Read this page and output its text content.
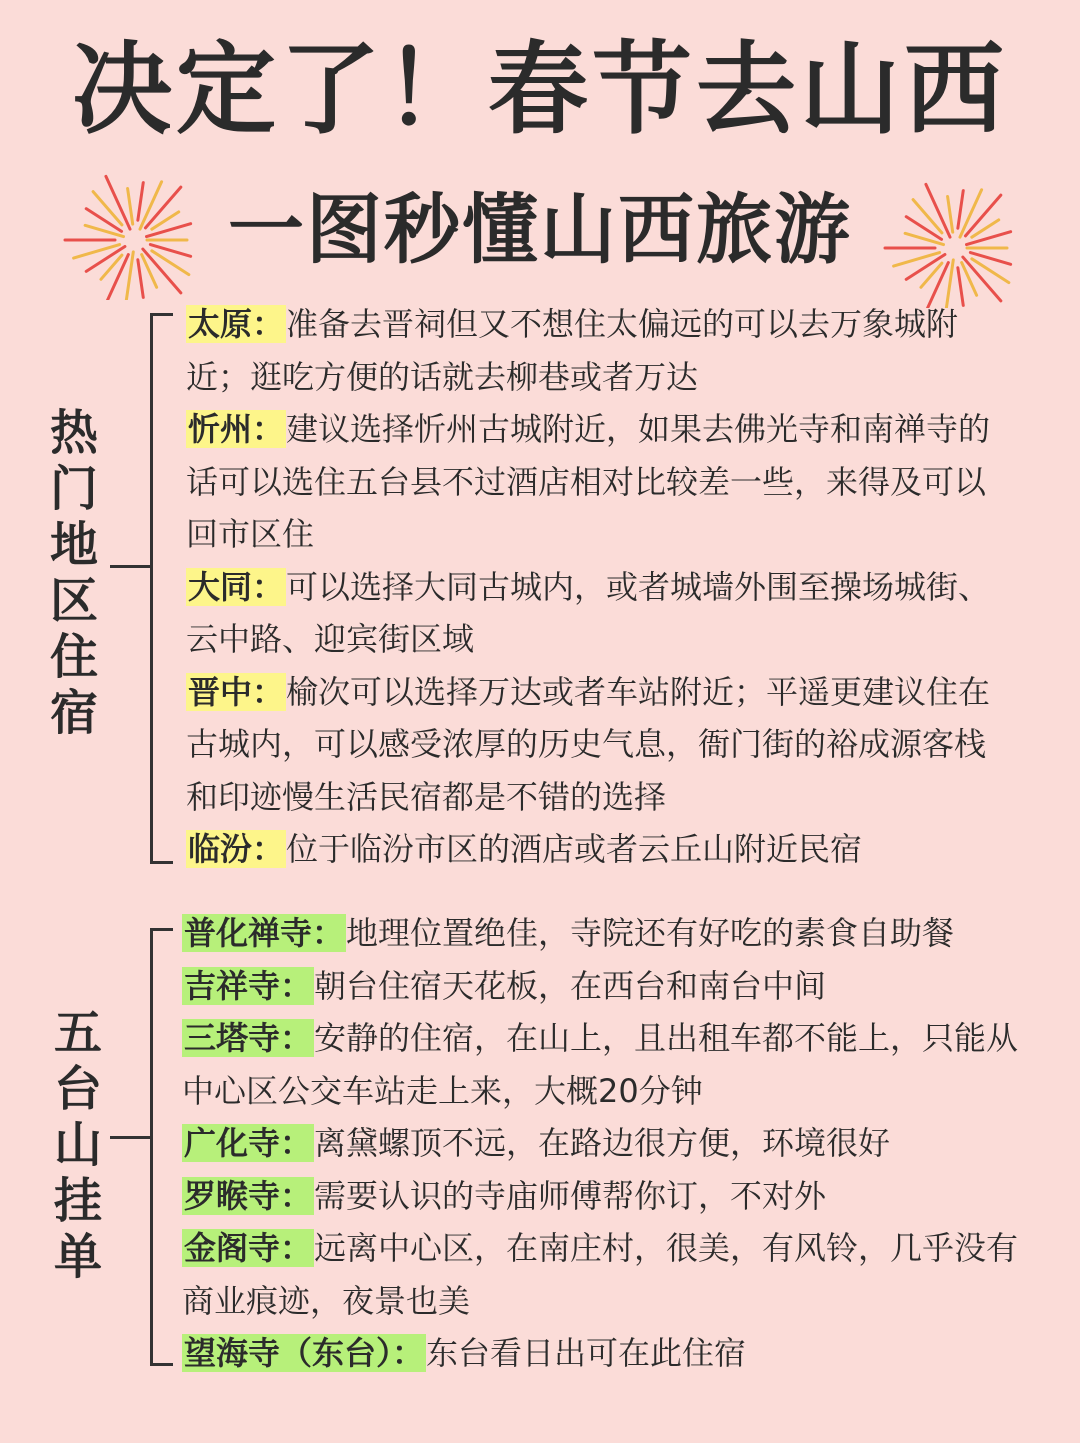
决定了！春节去山西
一图秒懂山西旅游
热
门
地
区
住
宿

太原：准备去晋祠但又不想住太偏远的可以去万象城附近；逛吃方便的话就去柳巷或者万达

忻州：建议选择忻州古城附近，如果去佛光寺和南禅寺的话可以选住五台县不过酒店相对比较差一些，来得及可以回市区住

大同：可以选择大同古城内，或者城墙外围至操场城街、云中路、迎宾街区域

晋中：榆次可以选择万达或者车站附近；平遥更建议住在古城内，可以感受浓厚的历史气息，衙门街的裕成源客栈和印迹慢生活民宿都是不错的选择

临汾：位于临汾市区的酒店或者云丘山附近民宿

五
台
山
挂
单

普化禅寺：地理位置绝佳，寺院还有好吃的素食自助餐

吉祥寺：朝台住宿天花板，在西台和南台中间

三塔寺：安静的住宿，在山上，且出租车都不能上，只能从中心区公交车站走上来，大概20分钟

广化寺：离黛螺顶不远，在路边很方便，环境很好

罗睺寺：需要认识的寺庙师傅帮你订，不对外

金阁寺：远离中心区，在南庄村，很美，有风铃，几乎没有商业痕迹，夜景也美

望海寺（东台）：东台看日出可在此住宿
